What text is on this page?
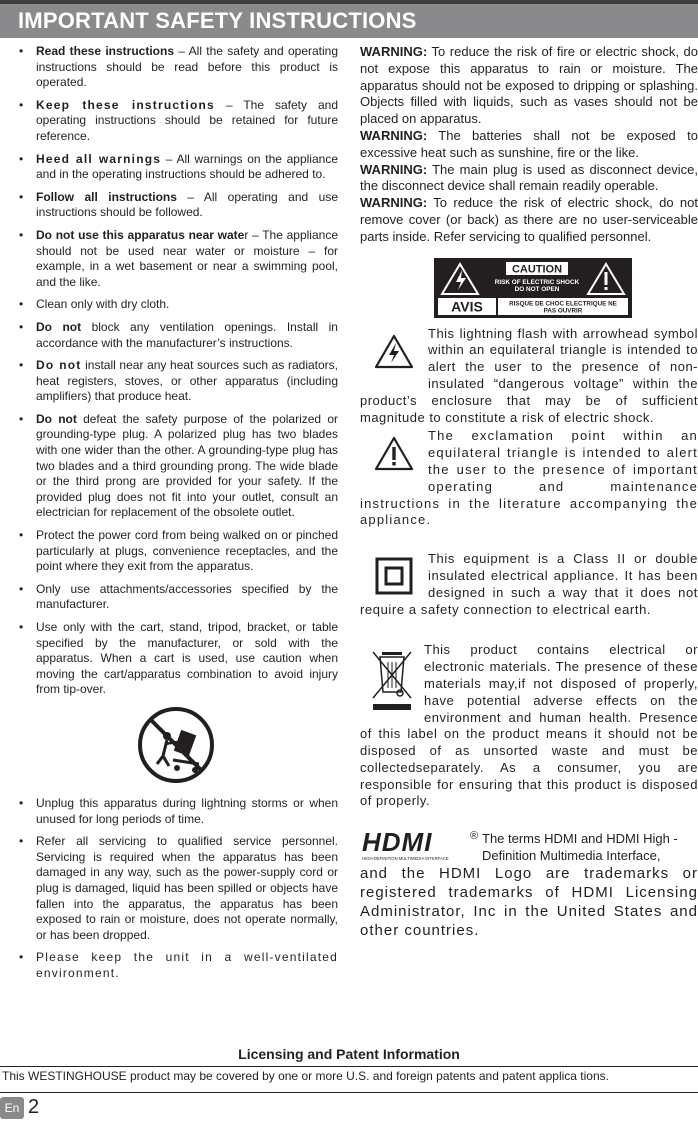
IMPORTANT SAFETY INSTRUCTIONS
• Read these instructions – All the safety and operating instructions should be read before this product is operated.
• Keep these instructions – The safety and operating instructions should be retained for future reference.
• Heed all warnings – All warnings on the appliance and in the operating instructions should be adhered to.
• Follow all instructions – All operating and use instructions should be followed.
• Do not use this apparatus near water – The appliance should not be used near water or moisture – for example, in a wet basement or near a swimming pool, and the like.
• Clean only with dry cloth.
• Do not block any ventilation openings. Install in accordance with the manufacturer’s instructions.
• Do not install near any heat sources such as radiators, heat registers, stoves, or other apparatus (including amplifiers) that produce heat.
• Do not defeat the safety purpose of the polarized or grounding-type plug. A polarized plug has two blades with one wider than the other. A grounding-type plug has two blades and a third grounding prong. The wide blade or the third prong are provided for your safety. If the provided plug does not fit into your outlet, consult an electrician for replacement of the obsolete outlet.
• Protect the power cord from being walked on or pinched particularly at plugs, convenience receptacles, and the point where they exit from the apparatus.
• Only use attachments/accessories specified by the manufacturer.
• Use only with the cart, stand, tripod, bracket, or table specified by the manufacturer, or sold with the apparatus. When a cart is used, use caution when moving the cart/apparatus combination to avoid injury from tip-over.
• Unplug this apparatus during lightning storms or when unused for long periods of time.
• Refer all servicing to qualified service personnel. Servicing is required when the apparatus has been damaged in any way, such as the power-supply cord or plug is damaged, liquid has been spilled or objects have fallen into the apparatus, the apparatus has been exposed to rain or moisture, does not operate normally, or has been dropped.
• Please keep the unit in a well-ventilated environment.

WARNING: To reduce the risk of fire or electric shock, do not expose this apparatus to rain or moisture. The apparatus should not be exposed to dripping or splashing. Objects filled with liquids, such as vases should not be placed on apparatus.

WARNING: The batteries shall not be exposed to excessive heat such as sunshine, fire or the like.

WARNING: The main plug is used as disconnect device, the disconnect device shall remain readily operable.

WARNING: To reduce the risk of electric shock, do not remove cover (or back) as there are no user-serviceable parts inside. Refer servicing to qualified personnel.

CAUTION
RISK OF ELECTRIC SHOCK
DO NOT OPEN
AVIS	RISQUE DE CHOC ELECTRIQUE NE
PAS OUVRIR

This lightning flash with arrowhead symbol within an equilateral triangle is intended to alert the user to the presence of non-insulated “dangerous voltage” within the product’s enclosure that may be of sufficient magnitude to constitute a risk of electric shock.

The exclamation point within an equilateral triangle is intended to alert the user to the presence of important operating and maintenance instructions in the literature accompanying the appliance.

This equipment is a Class II or double insulated electrical appliance. It has been designed in such a way that it does not require a safety connection to electrical earth.

This product contains electrical or electronic materials. The presence of these materials may,if not disposed of properly, have potential adverse effects on the environment and human health. Presence of this label on the product means it should not be disposed of as unsorted waste and must be collectedseparately. As a consumer, you are responsible for ensuring that this product is disposed of properly.

HDMI
HIGH-DEFINITION MULTIMEDIA INTERFACE
® The terms HDMI and HDMI High -Definition Multimedia Interface,

and the HDMI Logo are trademarks or registered trademarks of HDMI Licensing Administrator, Inc in the United States and other countries.

Licensing and Patent Information
This WESTINGHOUSE product may be covered by one or more U.S. and foreign patents and patent applica tions.
En 2
